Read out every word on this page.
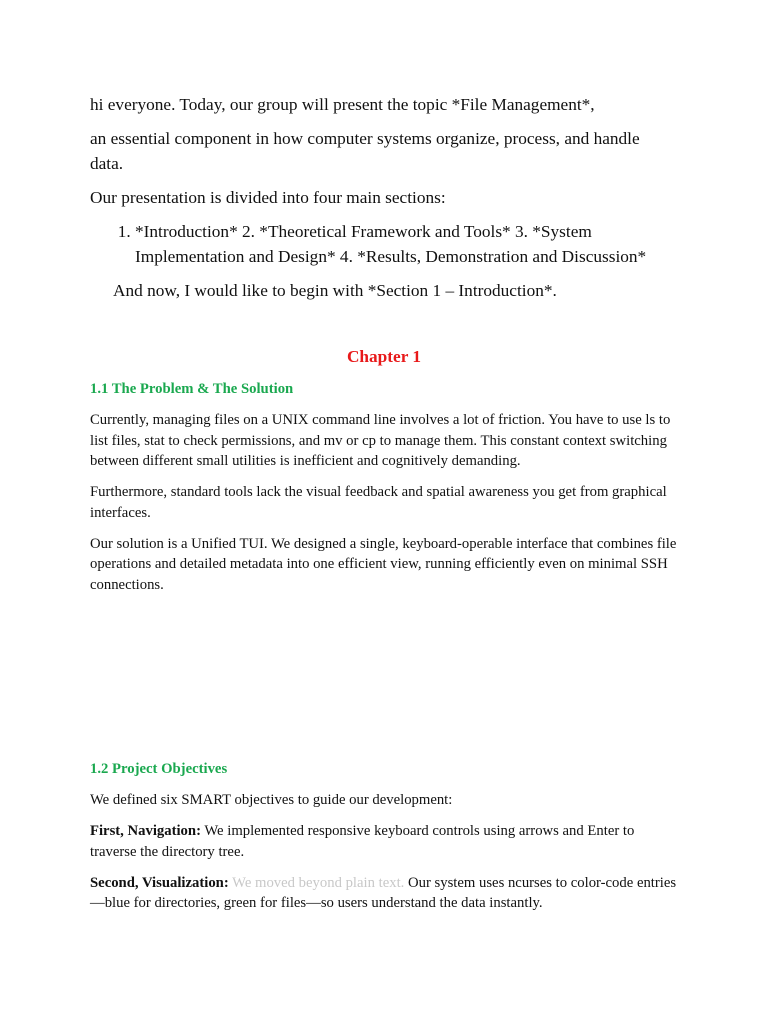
hi everyone. Today, our group will present the topic *File Management*,

an essential component in how computer systems organize, process, and handle data.

Our presentation is divided into four main sections:

1. *Introduction* 2. *Theoretical Framework and Tools* 3. *System Implementation and Design* 4. *Results, Demonstration and Discussion*

And now, I would like to begin with *Section 1 – Introduction*.

Chapter 1
1.1 The Problem & The Solution

Currently, managing files on a UNIX command line involves a lot of friction. You have to use ls to list files, stat to check permissions, and mv or cp to manage them. This constant context switching between different small utilities is inefficient and cognitively demanding.

Furthermore, standard tools lack the visual feedback and spatial awareness you get from graphical interfaces.

Our solution is a Unified TUI. We designed a single, keyboard-operable interface that combines file operations and detailed metadata into one efficient view, running efficiently even on minimal SSH connections.

1.2 Project Objectives

We defined six SMART objectives to guide our development:

First, Navigation: We implemented responsive keyboard controls using arrows and Enter to traverse the directory tree.

Second, Visualization: We moved beyond plain text. Our system uses ncurses to color-code entries—blue for directories, green for files—so users understand the data instantly.
